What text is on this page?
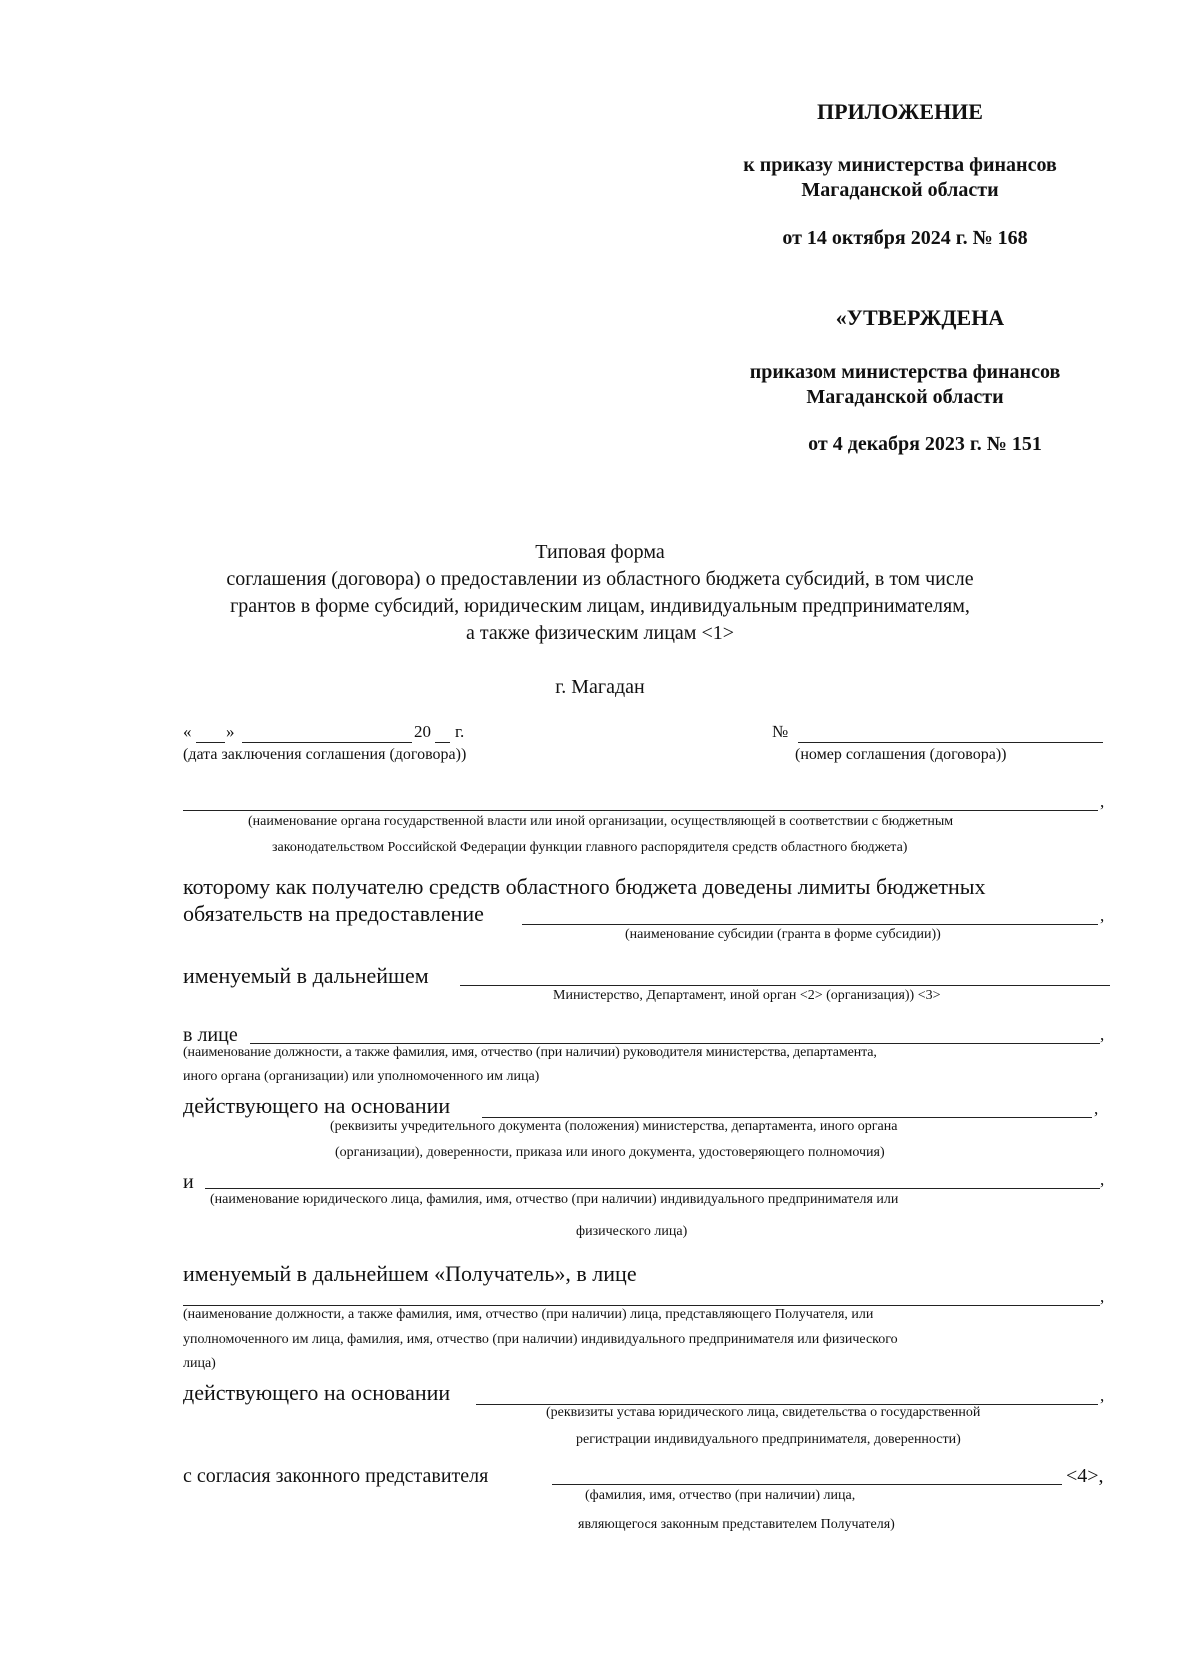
ПРИЛОЖЕНИЕ
к приказу министерства финансов
Магаданской области
от 14 октября 2024 г. № 168
«УТВЕРЖДЕНА
приказом министерства финансов
Магаданской области
от 4 декабря 2023 г. № 151
Типовая форма
соглашения (договора) о предоставлении из областного бюджета субсидий, в том числе
грантов в форме субсидий, юридическим лицам, индивидуальным предпринимателям,
а также физическим лицам <1>
г. Магадан
« »	20 г.
(дата заключения соглашения (договора))
№
(номер соглашения (договора))
,
(наименование органа государственной власти или иной организации, осуществляющей в соответствии с бюджетным
законодательством Российской Федерации функции главного распорядителя средств областного бюджета)
которому как получателю средств областного бюджета доведены лимиты бюджетных
обязательств на предоставление	,
(наименование субсидии (гранта в форме субсидии))
именуемый в дальнейшем
Министерство, Департамент, иной орган <2> (организация)) <3>
в лице	,
(наименование должности, а также фамилия, имя, отчество (при наличии) руководителя министерства, департамента,
иного органа (организации) или уполномоченного им лица)
действующего на основании	,
(реквизиты учредительного документа (положения) министерства, департамента, иного органа
(организации), доверенности, приказа или иного документа, удостоверяющего полномочия)
и	,
(наименование юридического лица, фамилия, имя, отчество (при наличии) индивидуального предпринимателя или
физического лица)
именуемый в дальнейшем «Получатель», в лице
,
(наименование должности, а также фамилия, имя, отчество (при наличии) лица, представляющего Получателя, или
уполномоченного им лица, фамилия, имя, отчество (при наличии) индивидуального предпринимателя или физического
лица)
действующего на основании	,
(реквизиты устава юридического лица, свидетельства о государственной
регистрации индивидуального предпринимателя, доверенности)
с согласия законного представителя	<4>,
(фамилия, имя, отчество (при наличии) лица,
являющегося законным представителем Получателя)
